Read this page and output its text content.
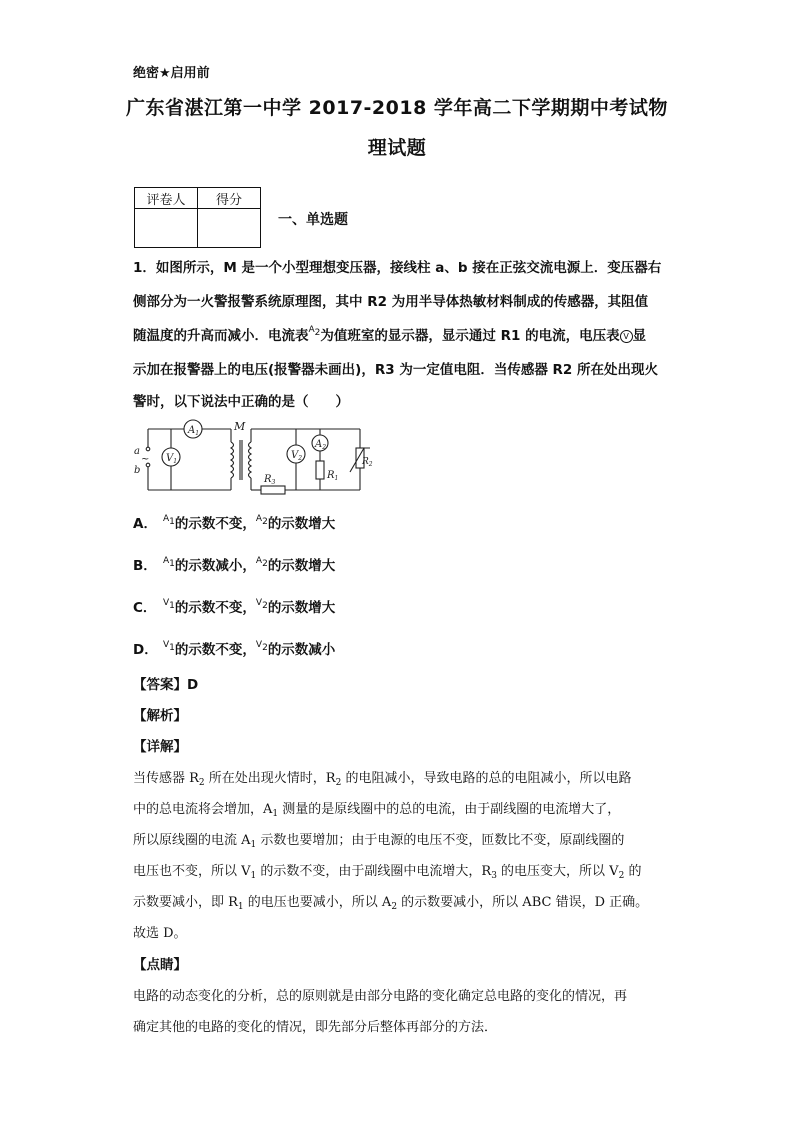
绝密★启用前
广东省湛江第一中学 2017-2018 学年高二下学期期中考试物
理试题
评卷人	得分

一、单选题
1．如图所示，M 是一个小型理想变压器，接线柱 a、b 接在正弦交流电源上．变压器右
侧部分为一火警报警系统原理图，其中 R2 为用半导体热敏材料制成的传感器，其阻值
随温度的升高而减小．电流表$^{A2}$为值班室的显示器，显示通过 R1 的电流，电压表 V 显
示加在报警器上的电压(报警器未画出)，R3 为一定值电阻．当传感器 R2 所在处出现火
警时，以下说法中正确的是（　　）
$A_1$
$V_1$
a
b
~
M
$R_3$
$V_2$
$A_2$
$R_1$
$R_2$
A． $^{A1}$的示数不变，$^{A2}$的示数增大
B． $^{A1}$的示数减小，$^{A2}$的示数增大
C． $^{V1}$的示数不变，$^{V2}$的示数增大
D． $^{V1}$的示数不变，$^{V2}$的示数减小
【答案】D
【解析】
【详解】
当传感器 $R_2$ 所在处出现火情时，$R_2$ 的电阻减小，导致电路的总的电阻减小，所以电路
中的总电流将会增加，$A_1$ 测量的是原线圈中的总的电流，由于副线圈的电流增大了，
所以原线圈的电流 $A_1$ 示数也要增加；由于电源的电压不变，匝数比不变，原副线圈的
电压也不变，所以 $V_1$ 的示数不变，由于副线圈中电流增大，$R_3$ 的电压变大，所以 $V_2$ 的
示数要减小，即 $R_1$ 的电压也要减小，所以 $A_2$ 的示数要减小，所以 ABC 错误，D 正确。
故选 D。
【点睛】
电路的动态变化的分析，总的原则就是由部分电路的变化确定总电路的变化的情况，再
确定其他的电路的变化的情况，即先部分后整体再部分的方法．
